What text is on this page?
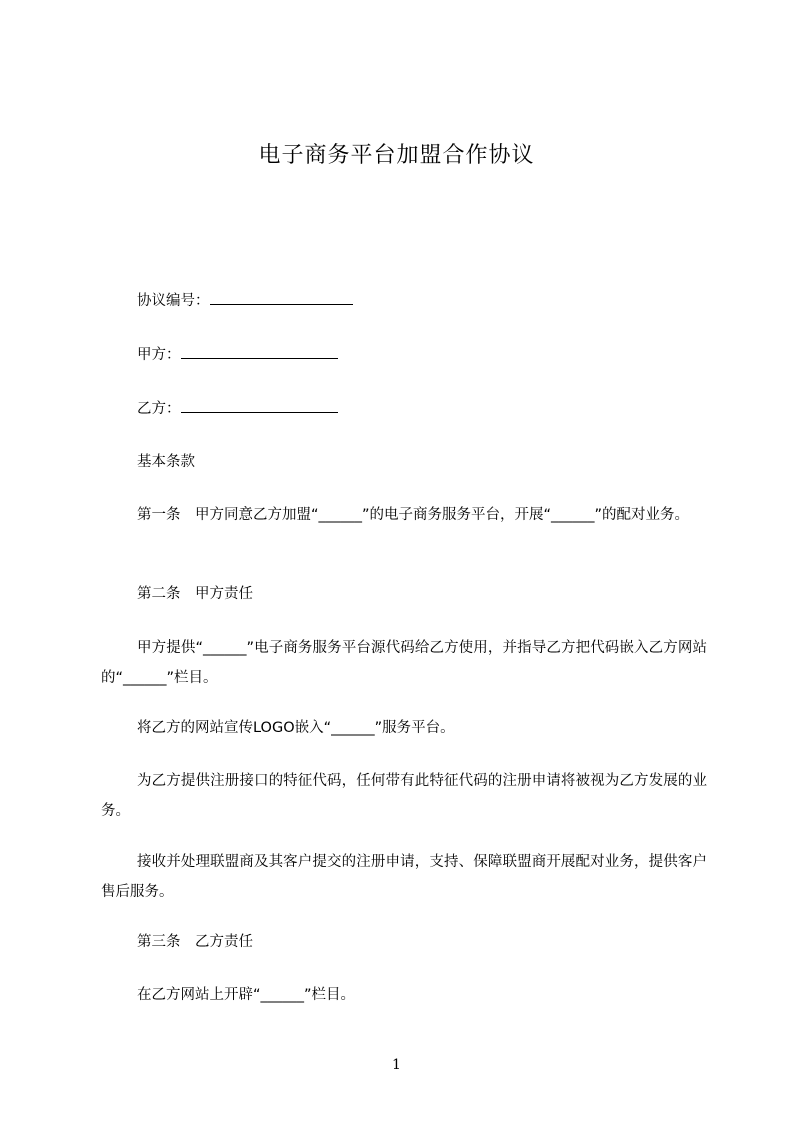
电子商务平台加盟合作协议
协议编号：
甲方：
乙方：
基本条款
第一条　甲方同意乙方加盟“______”的电子商务服务平台，开展“______”的配对业务。
第二条　甲方责任
甲方提供“______”电子商务服务平台源代码给乙方使用，并指导乙方把代码嵌入乙方网站的“______”栏目。
将乙方的网站宣传LOGO嵌入“______”服务平台。
为乙方提供注册接口的特征代码，任何带有此特征代码的注册申请将被视为乙方发展的业务。
接收并处理联盟商及其客户提交的注册申请，支持、保障联盟商开展配对业务，提供客户售后服务。
第三条　乙方责任
在乙方网站上开辟“______”栏目。
1
